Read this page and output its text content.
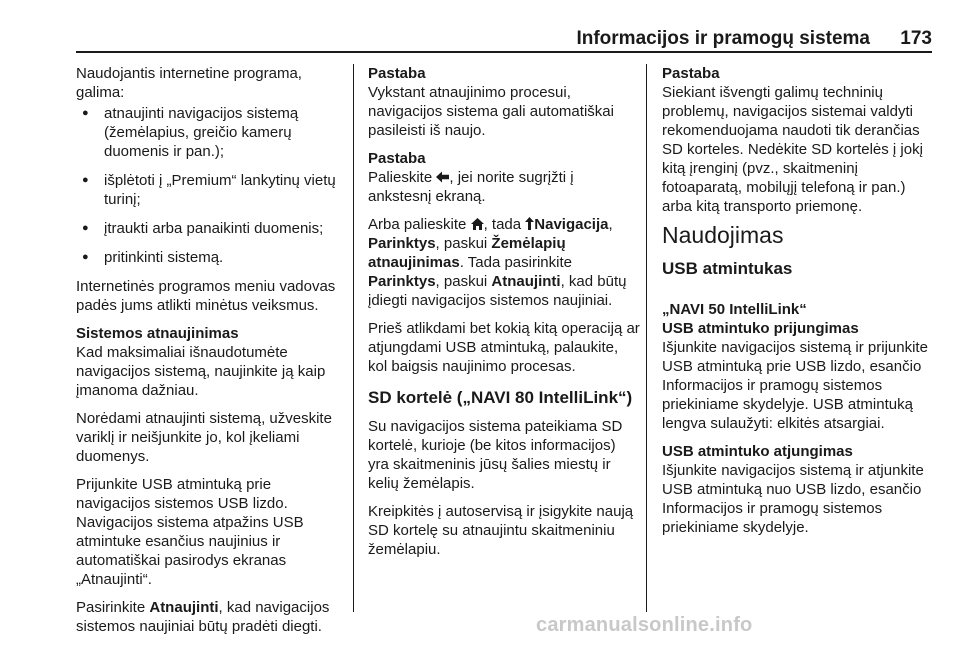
Informacijos ir pramogų sistema 173

Naudojantis internetine programa, galima:

● atnaujinti navigacijos sistemą (žemėlapius, greičio kamerų duomenis ir pan.);
● išplėtoti į „Premium“ lankytinų vietų turinį;
● įtraukti arba panaikinti duomenis;
● pritinkinti sistemą.

Internetinės programos meniu vadovas padės jums atlikti minėtus veiksmus.

Sistemos atnaujinimas

Kad maksimaliai išnaudotumėte navigacijos sistemą, naujinkite ją kaip įmanoma dažniau.

Norėdami atnaujinti sistemą, užveskite variklį ir neišjunkite jo, kol įkeliami duomenys.

Prijunkite USB atmintuką prie navigacijos sistemos USB lizdo. Navigacijos sistema atpažins USB atmintuke esančius naujinius ir automatiškai pasirodys ekranas „Atnaujinti“.

Pasirinkite Atnaujinti, kad navigacijos sistemos naujiniai būtų pradėti diegti.

Pastaba

Vykstant atnaujinimo procesui, navigacijos sistema gali automatiškai pasileisti iš naujo.

Pastaba

Palieskite , jei norite sugrįžti į ankstesnį ekraną.

Arba palieskite , tada Navigacija, Parinktys, paskui Žemėlapių atnaujinimas. Tada pasirinkite Parinktys, paskui Atnaujinti, kad būtų įdiegti navigacijos sistemos naujiniai.

Prieš atlikdami bet kokią kitą operaciją ar atjungdami USB atmintuką, palaukite, kol baigsis naujinimo procesas.

SD kortelė („NAVI 80 IntelliLink“)

Su navigacijos sistema pateikiama SD kortelė, kurioje (be kitos informacijos) yra skaitmeninis jūsų šalies miestų ir kelių žemėlapis.

Kreipkitės į autoservisą ir įsigykite naują SD kortelę su atnaujintu skaitmeniniu žemėlapiu.

Pastaba

Siekiant išvengti galimų techninių problemų, navigacijos sistemai valdyti rekomenduojama naudoti tik derančias SD korteles. Nedėkite SD kortelės į jokį kitą įrenginį (pvz., skaitmeninį fotoaparatą, mobilųjį telefoną ir pan.) arba kitą transporto priemonę.

Naudojimas
USB atmintukas

„NAVI 50 IntelliLink“

USB atmintuko prijungimas

Išjunkite navigacijos sistemą ir prijunkite USB atmintuką prie USB lizdo, esančio Informacijos ir pramogų sistemos priekiniame skydelyje. USB atmintuką lengva sulaužyti: elkitės atsargiai.

USB atmintuko atjungimas

Išjunkite navigacijos sistemą ir atjunkite USB atmintuką nuo USB lizdo, esančio Informacijos ir pramogų sistemos priekiniame skydelyje.

carmanualsonline.info
